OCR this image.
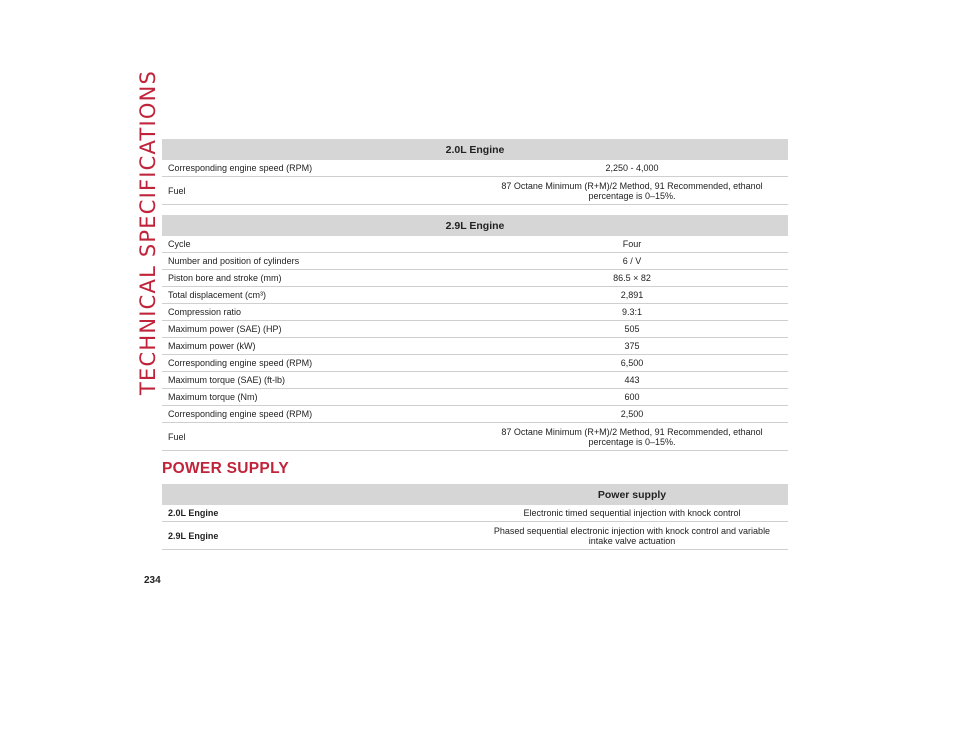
TECHNICAL SPECIFICATIONS	2.0L Engine	
Corresponding engine speed (RPM)	2,250 - 4,000
Fuel	87 Octane Minimum (R+M)/2 Method, 91 Recommended, ethanol percentage is 0–15%.
2.9L Engine	
Cycle	Four
Number and position of cylinders	6 / V
Piston bore and stroke (mm)	86.5 × 82
Total displacement (cm³)	2,891
Compression ratio	9.3:1
Maximum power (SAE) (HP)	505
Maximum power (kW)	375
Corresponding engine speed (RPM)	6,500
Maximum torque (SAE) (ft-lb)	443
Maximum torque (Nm)	600
Corresponding engine speed (RPM)	2,500
Fuel	87 Octane Minimum (R+M)/2 Method, 91 Recommended, ethanol percentage is 0–15%.
POWER SUPPLY
	Power supply
2.0L Engine	Electronic timed sequential injection with knock control
2.9L Engine	Phased sequential electronic injection with knock control and variable intake valve actuation
234
